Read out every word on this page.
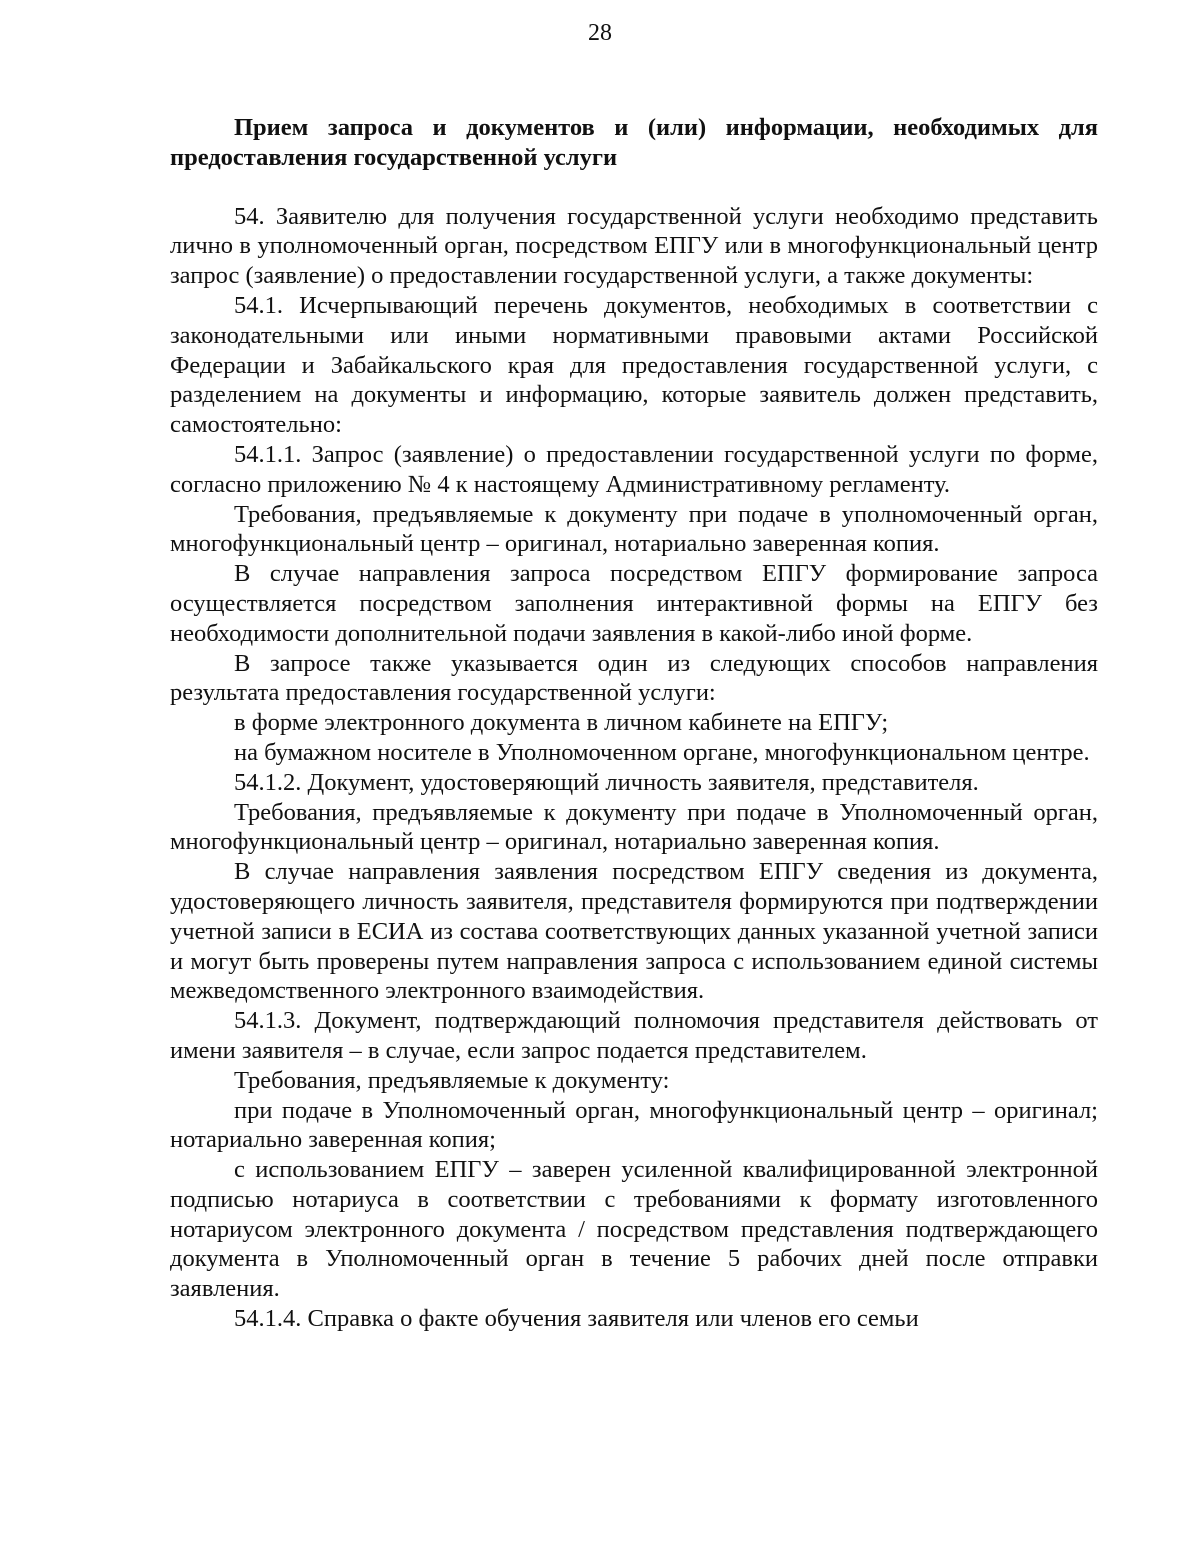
28

Прием запроса и документов и (или) информации, необходимых для предоставления государственной услуги

54. Заявителю для получения государственной услуги необходимо представить лично в уполномоченный орган, посредством ЕПГУ или в многофункциональный центр запрос (заявление) о предоставлении государственной услуги, а также документы:

54.1. Исчерпывающий перечень документов, необходимых в соответствии с законодательными или иными нормативными правовыми актами Российской Федерации и Забайкальского края для предоставления государственной услуги, с разделением на документы и информацию, которые заявитель должен представить, самостоятельно:

54.1.1. Запрос (заявление) о предоставлении государственной услуги по форме, согласно приложению № 4 к настоящему Административному регламенту.

Требования, предъявляемые к документу при подаче в уполномоченный орган, многофункциональный центр – оригинал, нотариально заверенная копия.

В случае направления запроса посредством ЕПГУ формирование запроса осуществляется посредством заполнения интерактивной формы на ЕПГУ без необходимости дополнительной подачи заявления в какой-либо иной форме.

В запросе также указывается один из следующих способов направления результата предоставления государственной услуги:

в форме электронного документа в личном кабинете на ЕПГУ;

на бумажном носителе в Уполномоченном органе, многофункциональном центре.

54.1.2. Документ, удостоверяющий личность заявителя, представителя.

Требования, предъявляемые к документу при подаче в Уполномоченный орган, многофункциональный центр – оригинал, нотариально заверенная копия.

В случае направления заявления посредством ЕПГУ сведения из документа, удостоверяющего личность заявителя, представителя формируются при подтверждении учетной записи в ЕСИА из состава соответствующих данных указанной учетной записи и могут быть проверены путем направления запроса с использованием единой системы межведомственного электронного взаимодействия.

54.1.3. Документ, подтверждающий полномочия представителя действовать от имени заявителя – в случае, если запрос подается представителем.

Требования, предъявляемые к документу:

при подаче в Уполномоченный орган, многофункциональный центр – оригинал; нотариально заверенная копия;

с использованием ЕПГУ – заверен усиленной квалифицированной электронной подписью нотариуса в соответствии с требованиями к формату изготовленного нотариусом электронного документа / посредством представления подтверждающего документа в Уполномоченный орган в течение 5 рабочих дней после отправки заявления.

54.1.4. Справка о факте обучения заявителя или членов его семьи
